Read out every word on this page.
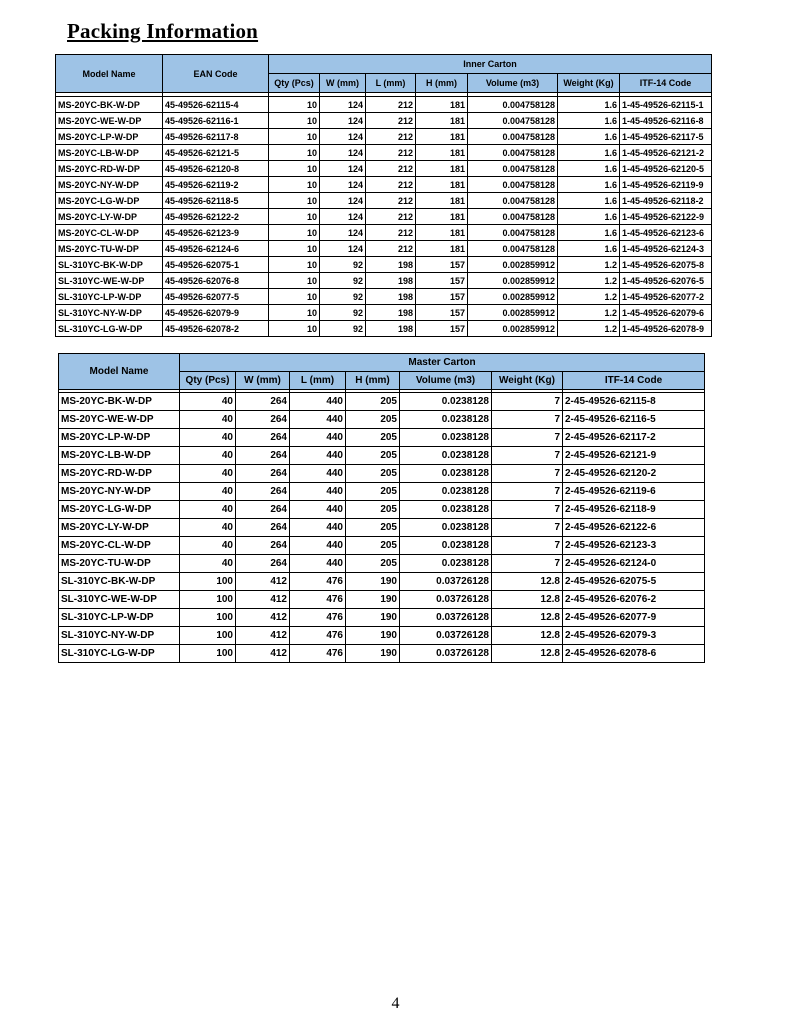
Packing Information
Model Name	EAN Code	Inner Carton						
		Qty (Pcs)	W (mm)	L (mm)	H (mm)	Volume (m3)	Weight (Kg)	ITF-14 Code

MS-20YC-BK-W-DP	45-49526-62115-4	10	124	212	181	0.004758128	1.6	1-45-49526-62115-1
MS-20YC-WE-W-DP	45-49526-62116-1	10	124	212	181	0.004758128	1.6	1-45-49526-62116-8
MS-20YC-LP-W-DP	45-49526-62117-8	10	124	212	181	0.004758128	1.6	1-45-49526-62117-5
MS-20YC-LB-W-DP	45-49526-62121-5	10	124	212	181	0.004758128	1.6	1-45-49526-62121-2
MS-20YC-RD-W-DP	45-49526-62120-8	10	124	212	181	0.004758128	1.6	1-45-49526-62120-5
MS-20YC-NY-W-DP	45-49526-62119-2	10	124	212	181	0.004758128	1.6	1-45-49526-62119-9
MS-20YC-LG-W-DP	45-49526-62118-5	10	124	212	181	0.004758128	1.6	1-45-49526-62118-2
MS-20YC-LY-W-DP	45-49526-62122-2	10	124	212	181	0.004758128	1.6	1-45-49526-62122-9
MS-20YC-CL-W-DP	45-49526-62123-9	10	124	212	181	0.004758128	1.6	1-45-49526-62123-6
MS-20YC-TU-W-DP	45-49526-62124-6	10	124	212	181	0.004758128	1.6	1-45-49526-62124-3
SL-310YC-BK-W-DP	45-49526-62075-1	10	92	198	157	0.002859912	1.2	1-45-49526-62075-8
SL-310YC-WE-W-DP	45-49526-62076-8	10	92	198	157	0.002859912	1.2	1-45-49526-62076-5
SL-310YC-LP-W-DP	45-49526-62077-5	10	92	198	157	0.002859912	1.2	1-45-49526-62077-2
SL-310YC-NY-W-DP	45-49526-62079-9	10	92	198	157	0.002859912	1.2	1-45-49526-62079-6
SL-310YC-LG-W-DP	45-49526-62078-2	10	92	198	157	0.002859912	1.2	1-45-49526-62078-9
Model Name	Master Carton						
	Qty (Pcs)	W (mm)	L (mm)	H (mm)	Volume (m3)	Weight (Kg)	ITF-14 Code

MS-20YC-BK-W-DP	40	264	440	205	0.0238128	7	2-45-49526-62115-8
MS-20YC-WE-W-DP	40	264	440	205	0.0238128	7	2-45-49526-62116-5
MS-20YC-LP-W-DP	40	264	440	205	0.0238128	7	2-45-49526-62117-2
MS-20YC-LB-W-DP	40	264	440	205	0.0238128	7	2-45-49526-62121-9
MS-20YC-RD-W-DP	40	264	440	205	0.0238128	7	2-45-49526-62120-2
MS-20YC-NY-W-DP	40	264	440	205	0.0238128	7	2-45-49526-62119-6
MS-20YC-LG-W-DP	40	264	440	205	0.0238128	7	2-45-49526-62118-9
MS-20YC-LY-W-DP	40	264	440	205	0.0238128	7	2-45-49526-62122-6
MS-20YC-CL-W-DP	40	264	440	205	0.0238128	7	2-45-49526-62123-3
MS-20YC-TU-W-DP	40	264	440	205	0.0238128	7	2-45-49526-62124-0
SL-310YC-BK-W-DP	100	412	476	190	0.03726128	12.8	2-45-49526-62075-5
SL-310YC-WE-W-DP	100	412	476	190	0.03726128	12.8	2-45-49526-62076-2
SL-310YC-LP-W-DP	100	412	476	190	0.03726128	12.8	2-45-49526-62077-9
SL-310YC-NY-W-DP	100	412	476	190	0.03726128	12.8	2-45-49526-62079-3
SL-310YC-LG-W-DP	100	412	476	190	0.03726128	12.8	2-45-49526-62078-6
4
